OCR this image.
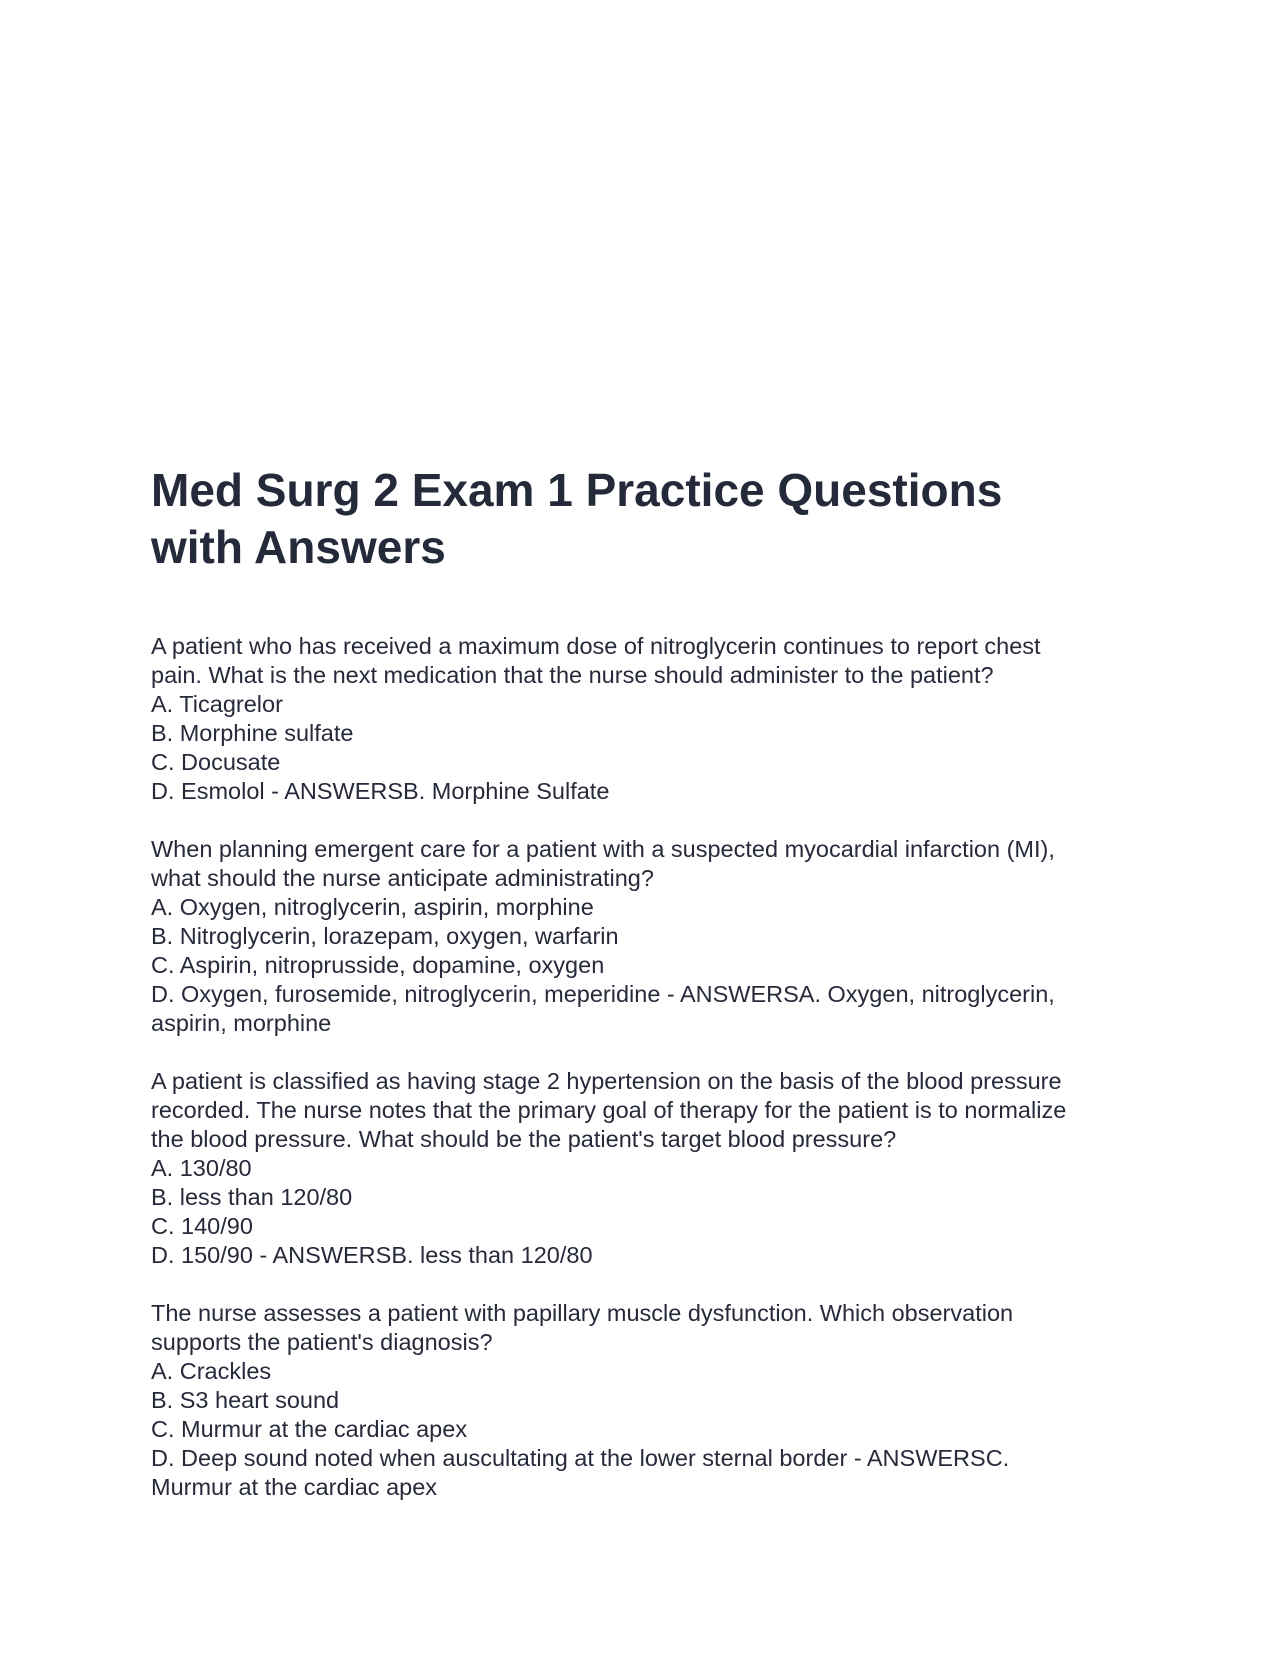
Med Surg 2 Exam 1 Practice Questions
with Answers

A patient who has received a maximum dose of nitroglycerin continues to report chest
pain. What is the next medication that the nurse should administer to the patient?

A. Ticagrelor
B. Morphine sulfate
C. Docusate
D. Esmolol - ANSWERSB. Morphine Sulfate

When planning emergent care for a patient with a suspected myocardial infarction (MI),
what should the nurse anticipate administrating?

A. Oxygen, nitroglycerin, aspirin, morphine
B. Nitroglycerin, lorazepam, oxygen, warfarin
C. Aspirin, nitroprusside, dopamine, oxygen
D. Oxygen, furosemide, nitroglycerin, meperidine - ANSWERSA. Oxygen, nitroglycerin,
aspirin, morphine

A patient is classified as having stage 2 hypertension on the basis of the blood pressure
recorded. The nurse notes that the primary goal of therapy for the patient is to normalize
the blood pressure. What should be the patient's target blood pressure?

A. 130/80
B. less than 120/80
C. 140/90
D. 150/90 - ANSWERSB. less than 120/80

The nurse assesses a patient with papillary muscle dysfunction. Which observation
supports the patient's diagnosis?

A. Crackles
B. S3 heart sound
C. Murmur at the cardiac apex
D. Deep sound noted when auscultating at the lower sternal border - ANSWERSC.
Murmur at the cardiac apex
